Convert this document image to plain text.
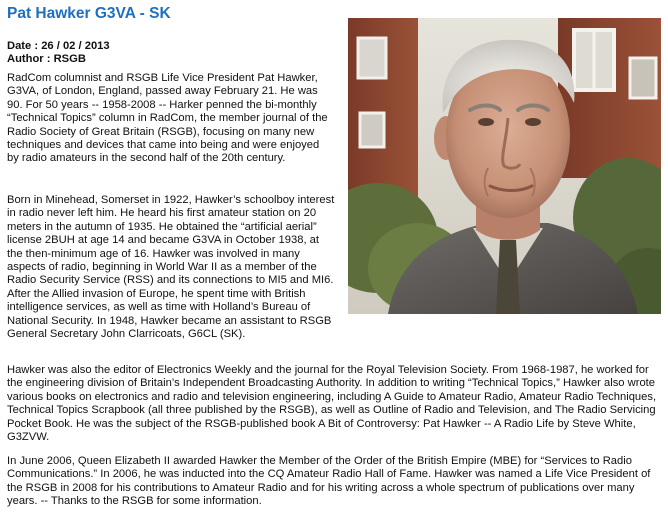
Pat Hawker G3VA - SK
Date : 26 / 02 / 2013
Author : RSGB

RadCom columnist and RSGB Life Vice President Pat Hawker, G3VA, of London, England, passed away February 21. He was 90. For 50 years -- 1958-2008 -- Harker penned the bi-monthly “Technical Topics” column in RadCom, the member journal of the Radio Society of Great Britain (RSGB), focusing on many new techniques and devices that came into being and were enjoyed by radio amateurs in the second half of the 20th century.

Born in Minehead, Somerset in 1922, Hawker’s schoolboy interest in radio never left him. He heard his first amateur station on 20 meters in the autumn of 1935. He obtained the “artificial aerial” license 2BUH at age 14 and became G3VA in October 1938, at the then-minimum age of 16. Hawker was involved in many aspects of radio, beginning in World War II as a member of the Radio Security Service (RSS) and its connections to MI5 and MI6. After the Allied invasion of Europe, he spent time with British intelligence services, as well as time with Holland’s Bureau of National Security. In 1948, Hawker became an assistant to RSGB General Secretary John Clarricoats, G6CL (SK).

Hawker was also the editor of Electronics Weekly and the journal for the Royal Television Society. From 1968-1987, he worked for the engineering division of Britain’s Independent Broadcasting Authority. In addition to writing “Technical Topics,” Hawker also wrote various books on electronics and radio and television engineering, including A Guide to Amateur Radio, Amateur Radio Techniques, Technical Topics Scrapbook (all three published by the RSGB), as well as Outline of Radio and Television, and The Radio Servicing Pocket Book. He was the subject of the RSGB-published book A Bit of Controversy: Pat Hawker -- A Radio Life by Steve White, G3ZVW.

In June 2006, Queen Elizabeth II awarded Hawker the Member of the Order of the British Empire (MBE) for “Services to Radio Communications.” In 2006, he was inducted into the CQ Amateur Radio Hall of Fame. Hawker was named a Life Vice President of the RSGB in 2008 for his contributions to Amateur Radio and for his writing across a whole spectrum of publications over many years. -- Thanks to the RSGB for some information.
